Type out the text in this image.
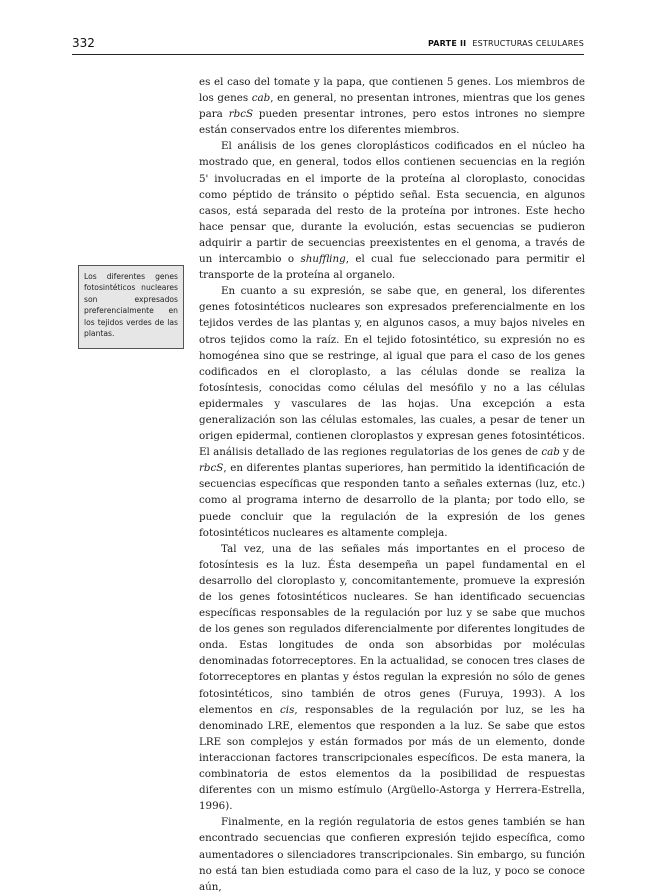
332	PARTE II ESTRUCTURAS CELULARES
Los diferentes genes fotosintéticos nucleares son expresados preferencialmente en los tejidos verdes de las plantas.

es el caso del tomate y la papa, que contienen 5 genes. Los miembros de los genes cab, en general, no presentan intrones, mientras que los genes para rbcS pueden presentar intrones, pero estos intrones no siempre están conservados entre los diferentes miembros.

El análisis de los genes cloroplásticos codificados en el núcleo ha mostrado que, en general, todos ellos contienen secuencias en la región 5' involucradas en el importe de la proteína al cloroplasto, conocidas como péptido de tránsito o péptido señal. Esta secuencia, en algunos casos, está separada del resto de la proteína por intrones. Este hecho hace pensar que, durante la evolución, estas secuencias se pudieron adquirir a partir de secuencias preexistentes en el genoma, a través de un intercambio o shuffling, el cual fue seleccionado para permitir el transporte de la proteína al organelo.

En cuanto a su expresión, se sabe que, en general, los diferentes genes fotosintéticos nucleares son expresados preferencialmente en los tejidos verdes de las plantas y, en algunos casos, a muy bajos niveles en otros tejidos como la raíz. En el tejido fotosintético, su expresión no es homogénea sino que se restringe, al igual que para el caso de los genes codificados en el cloroplasto, a las células donde se realiza la fotosíntesis, conocidas como células del mesófilo y no a las células epidermales y vasculares de las hojas. Una excepción a esta generalización son las células estomales, las cuales, a pesar de tener un origen epidermal, contienen cloroplastos y expresan genes fotosintéticos. El análisis detallado de las regiones regulatorias de los genes de cab y de rbcS, en diferentes plantas superiores, han permitido la identificación de secuencias específicas que responden tanto a señales externas (luz, etc.) como al programa interno de desarrollo de la planta; por todo ello, se puede concluir que la regulación de la expresión de los genes fotosintéticos nucleares es altamente compleja.

Tal vez, una de las señales más importantes en el proceso de fotosíntesis es la luz. Ésta desempeña un papel fundamental en el desarrollo del cloroplasto y, concomitantemente, promueve la expresión de los genes fotosintéticos nucleares. Se han identificado secuencias específicas responsables de la regulación por luz y se sabe que muchos de los genes son regulados diferencialmente por diferentes longitudes de onda. Estas longitudes de onda son absorbidas por moléculas denominadas fotorreceptores. En la actualidad, se conocen tres clases de fotorreceptores en plantas y éstos regulan la expresión no sólo de genes fotosintéticos, sino también de otros genes (Furuya, 1993). A los elementos en cis, responsables de la regulación por luz, se les ha denominado LRE, elementos que responden a la luz. Se sabe que estos LRE son complejos y están formados por más de un elemento, donde interaccionan factores transcripcionales específicos. De esta manera, la combinatoria de estos elementos da la posibilidad de respuestas diferentes con un mismo estímulo (Argüello-Astorga y Herrera-Estrella, 1996).

Finalmente, en la región regulatoria de estos genes también se han encontrado secuencias que confieren expresión tejido específica, como aumentadores o silenciadores transcripcionales. Sin embargo, su función no está tan bien estudiada como para el caso de la luz, y poco se conoce aún,
